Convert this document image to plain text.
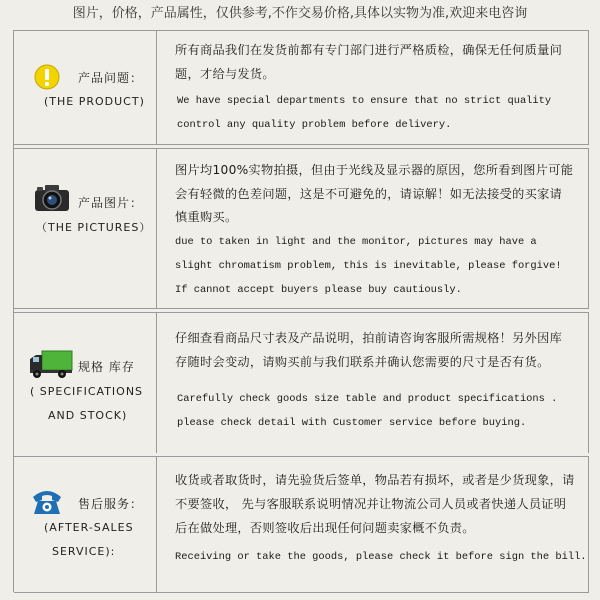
图片，价格，产品属性，仅供参考,不作交易价格,具体以实物为准,欢迎来电咨询
产品问题：
(THE PRODUCT)
所有商品我们在发货前都有专门部门进行严格质检，确保无任何质量问
题，才给与发货。
We have special departments to ensure that no strict quality
control any quality problem before delivery.
产品图片：
（THE PICTURES）
图片均100%实物拍摄，但由于光线及显示器的原因，您所看到图片可能
会有轻微的色差问题，这是不可避免的，请谅解！如无法接受的买家请
慎重购买。
due to taken in light and the monitor, pictures may have a
slight chromatism problem, this is inevitable, please forgive!
If cannot accept buyers please buy cautiously.
规格 库存
( SPECIFICATIONS
AND STOCK)
仔细查看商品尺寸表及产品说明，拍前请咨询客服所需规格！另外因库
存随时会变动，请购买前与我们联系并确认您需要的尺寸是否有货。
Carefully check goods size table and product specifications .
please check detail with Customer service before buying.
售后服务：
(AFTER-SALES
SERVICE):
收货或者取货时，请先验货后签单，物品若有损坏，或者是少货现象，请
不要签收， 先与客服联系说明情况并让物流公司人员或者快递人员证明
后在做处理，否则签收后出现任何问题卖家概不负责。
Receiving or take the goods, please check it before sign the bill.
